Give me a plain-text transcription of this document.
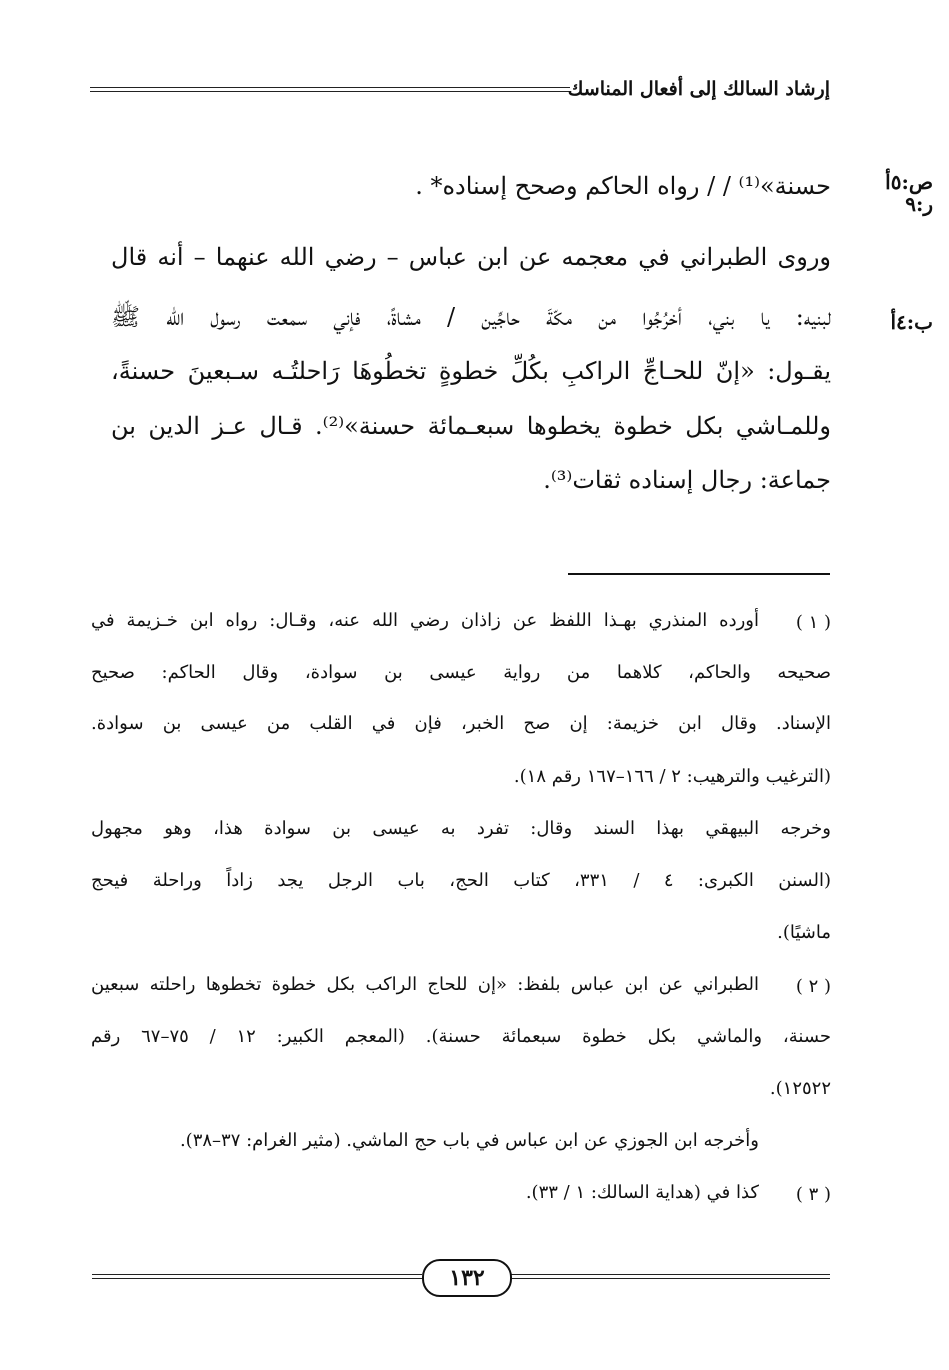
إرشاد السالك إلى أفعال المناسك
ص:٥أ
ر:٩
ب:٤أ
حسنة»⁽¹⁾ / / رواه الحاكم وصحح إسناده* .
وروى الطبراني في معجمه عن ابن عباس – رضي الله عنهما – أنه قال
لبنيه: يا بني، أخرُجُوا من مكّةَ حاجِّين / مشاةً، فإني سمعت رسول الله ﷺ
يقـول: «إنّ للحـاجِّ الراكبِ بكُلِّ خطوةٍ تخطُوهَا رَاحلتُـه سـبعينَ حسنةً،
وللمـاشي بكل خطوة يخطوها سبعـمائة حسنة»⁽²⁾. قـال عـز الدين بن
جماعة: رجال إسناده ثقات⁽³⁾.
( ١ )
أورده المنذري بهـذا اللفظ عن زاذان رضي الله عنه، وقـال: رواه ابن خـزيمة في
صحيحه والحاكم، كلاهما من رواية عيسى بن سوادة، وقال الحاكم: صحيح
الإسناد. وقال ابن خزيمة: إن صح الخبر، فإن في القلب من عيسى بن سوادة.
(الترغيب والترهيب: ٢ / ١٦٦–١٦٧ رقم ١٨).
وخرجه البيهقي بهذا السند وقال: تفرد به عيسى بن سوادة هذا، وهو مجهول
(السنن الكبرى: ٤ / ٣٣١، كتاب الحج، باب الرجل يجد زاداً وراحلة فيحج
ماشيًا).
( ٢ )
الطبراني عن ابن عباس بلفظ: «إن للحاج الراكب بكل خطوة تخطوها راحلته سبعين
حسنة، والماشي بكل خطوة سبعمائة حسنة). (المعجم الكبير: ١٢ / ٧٥–٦٧ رقم
١٢٥٢٢).
وأخرجه ابن الجوزي عن ابن عباس في باب حج الماشي. (مثير الغرام: ٣٧–٣٨).
( ٣ )
كذا في (هداية السالك: ١ / ٣٣).
١٣٢
